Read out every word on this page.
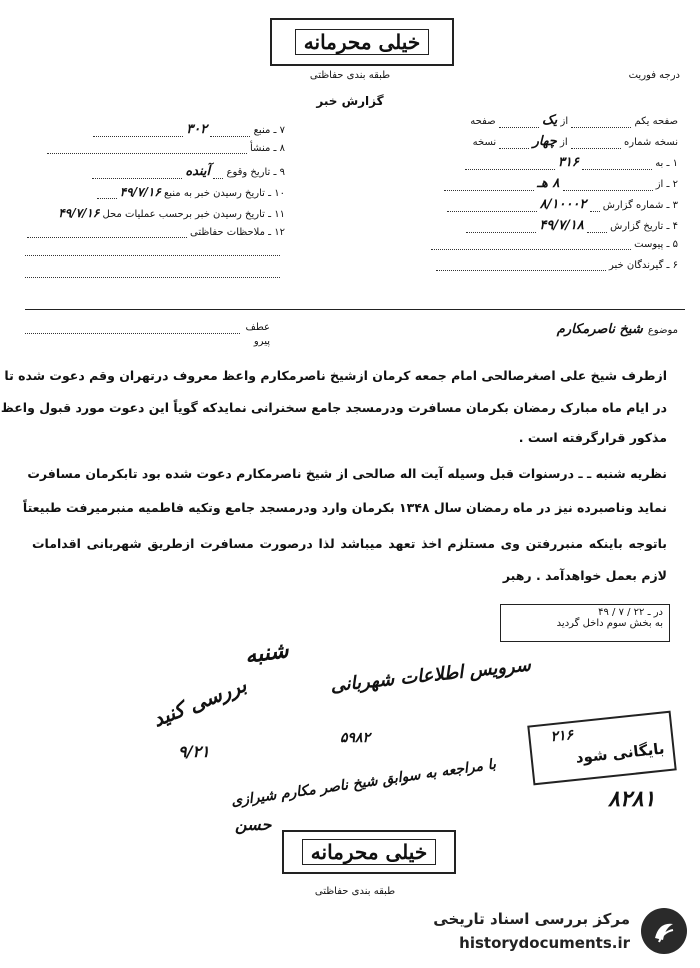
خیلی محرمانه
طبقه بندی حفاظتی	درجه فوریت
گزارش خبر
صفحه یکم  از یک  صفحه
نسخه شماره  از چهار  نسخه
۱ ـ به  ۳۱۶
۲ ـ از  ۸ هـ
۳ ـ شماره گزارش  ۸/۱۰۰۰۲
۴ ـ تاریخ گزارش  ۴۹/۷/۱۸
۵ ـ پیوست
۶ ـ گیرندگان خبر
۷ ـ منبع  ۳۰۲
۸ ـ منشأ
۹ ـ تاریخ وقوع  آینده
۱۰ ـ تاریخ رسیدن خبر به منبع ۴۹/۷/۱۶
۱۱ ـ تاریخ رسیدن خبر برحسب عملیات محل ۴۹/۷/۱۶
۱۲ ـ ملاحظات حفاظتی
عطف
پیرو
موضوع شیخ ناصرمکارم
ازطرف شیخ علی اصغرصالحی امام جمعه کرمان ازشیخ ناصرمکارم واعظ معروف درتهران وقم دعوت شده تا
در ایام ماه مبارک رمضان بکرمان مسافرت ودرمسجد جامع سخنرانی نمایدکه گویاً این دعوت مورد قبول واعظ
مذکور قرارگرفته است .
نظریه شنبه ـ ـ درسنوات قبل وسیله آیت اله صالحی از شیخ ناصرمکارم دعوت شده بود تابکرمان مسافرت
نماید وناصبرده نیز در ماه رمضان سال ۱۳۴۸ بکرمان وارد ودرمسجد جامع وتکیه فاطمیه منبرمیرفت طبیعتاً
باتوجه باینکه منبررفتن وی مستلزم اخذ تعهد میباشد لذا درصورت مسافرت ازطریق شهربانی اقدامات
لازم بعمل خواهدآمد . رهبر
در ـ ۲۲ / ۷ / ۴۹
به بخش سوم داخل گردید
شنبه
بررسی کنید
۹/۲۱
سرویس اطلاعات شهربانی
۵۹۸۲
با مراجعه به سوابق شیخ ناصر مکارم شیرازی
حسن
۸۲۸۱
۲۱۶
بایگانی شود
خیلی محرمانه
طبقه بندی حفاظتی
مرکز بررسی اسناد تاریخی
historydocuments.ir
